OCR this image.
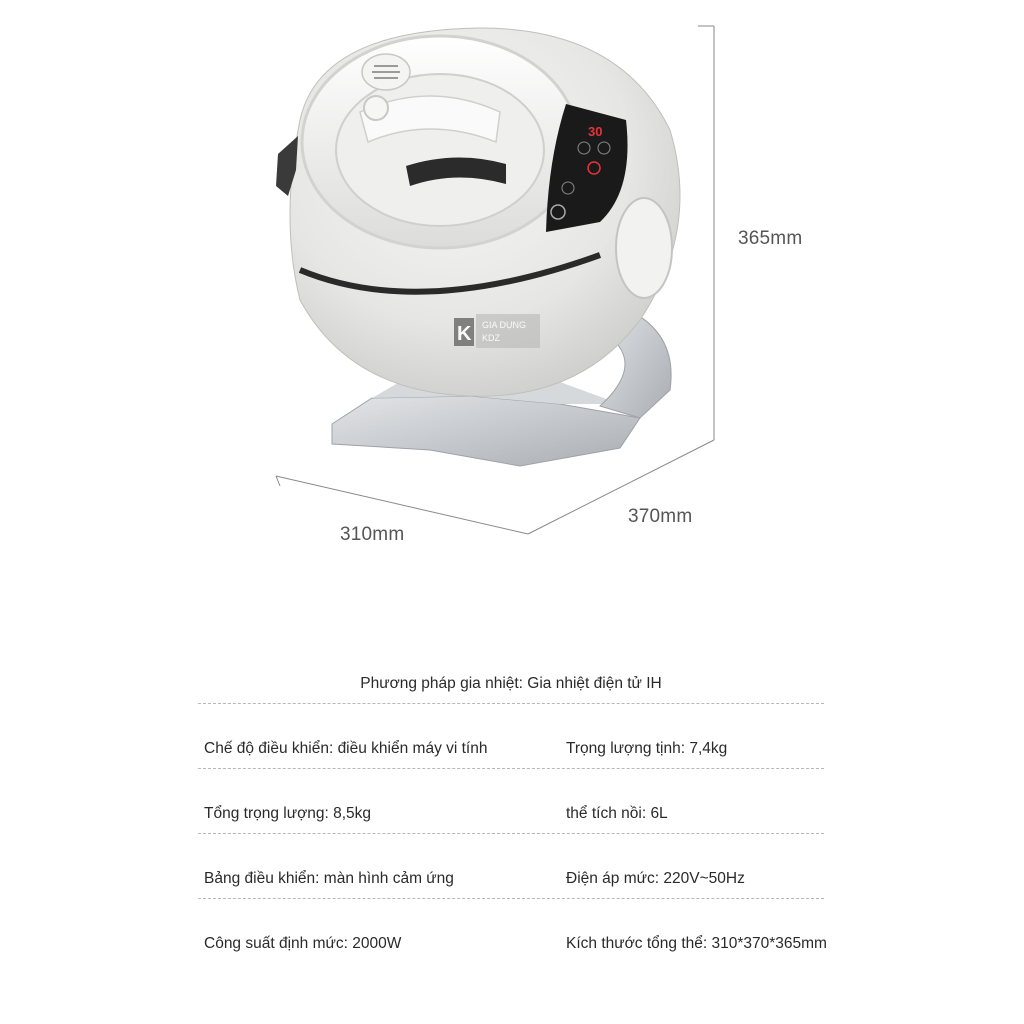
30
K GIA DỤNG
KDZ
365mm
370mm
310mm
Phương pháp gia nhiệt: Gia nhiệt điện tử IH
Chế độ điều khiển: điều khiển máy vi tính	Trọng lượng tịnh: 7,4kg
Tổng trọng lượng: 8,5kg	thể tích nồi: 6L
Bảng điều khiển: màn hình cảm ứng	Điện áp mức: 220V~50Hz
Công suất định mức: 2000W	Kích thước tổng thể: 310*370*365mm
